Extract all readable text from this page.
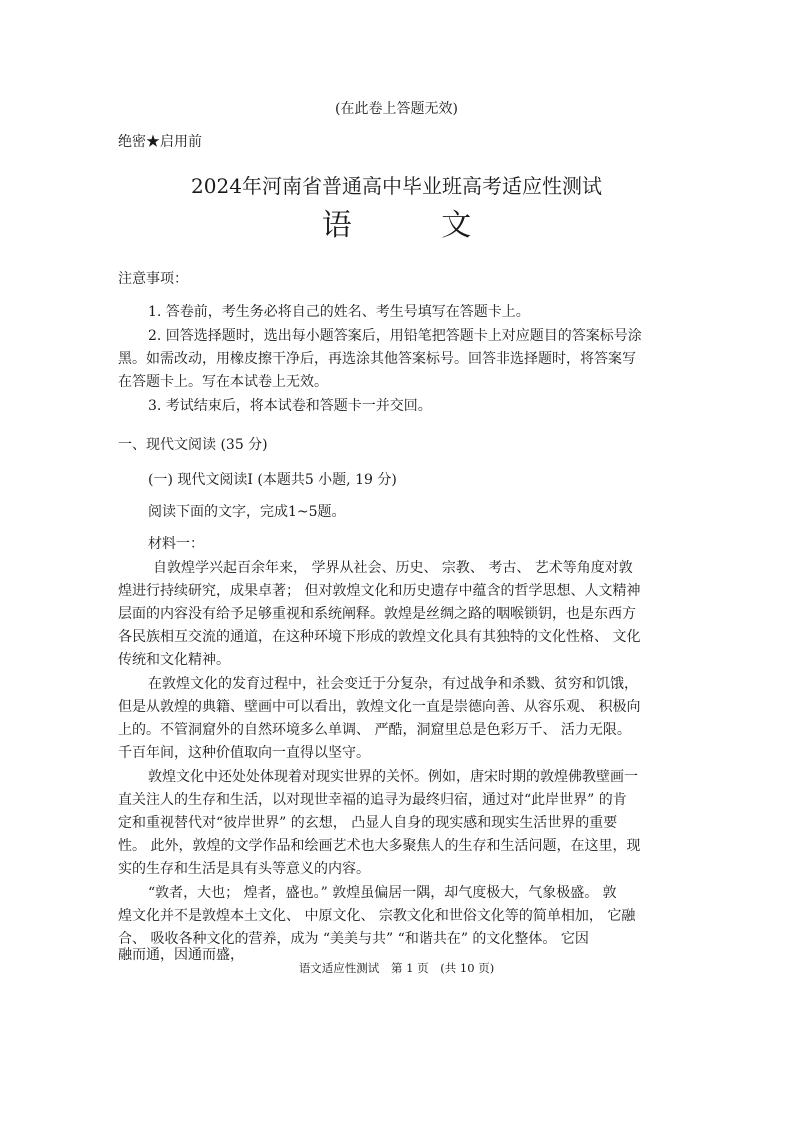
(在此卷上答题无效)
绝密★启用前
2024年河南省普通高中毕业班高考适应性测试
语 文
注意事项：
1. 答卷前，考生务必将自己的姓名、考生号填写在答题卡上。
2. 回答选择题时，选出每小题答案后，用铅笔把答题卡上对应题目的答案标号涂
黑。如需改动，用橡皮擦干净后，再选涂其他答案标号。回答非选择题时，将答案写
在答题卡上。写在本试卷上无效。
3. 考试结束后，将本试卷和答题卡一并交回。
一、现代文阅读 (35 分)
(一) 现代文阅读Ⅰ (本题共5 小题, 19 分)
阅读下面的文字，完成1~5题。
材料一：
自敦煌学兴起百余年来， 学界从社会、历史、 宗教、 考古、 艺术等角度对敦
煌进行持续研究，成果卓著； 但对敦煌文化和历史遗存中蕴含的哲学思想、人文精神
层面的内容没有给予足够重视和系统阐释。敦煌是丝绸之路的咽喉锁钥，也是东西方
各民族相互交流的通道，在这种环境下形成的敦煌文化具有其独特的文化性格、 文化
传统和文化精神。
在敦煌文化的发育过程中，社会变迁于分复杂，有过战争和杀戮、贫穷和饥饿，
但是从敦煌的典籍、壁画中可以看出，敦煌文化一直是崇德向善、从容乐观、 积极向
上的。不管洞窟外的自然环境多么单调、 严酷，洞窟里总是色彩万千、 活力无限。
千百年间，这种价值取向一直得以坚守。
敦煌文化中还处处体现着对现实世界的关怀。例如，唐宋时期的敦煌佛教壁画一
直关注人的生存和生活，以对现世幸福的追寻为最终归宿，通过对“此岸世界” 的肯
定和重视替代对“彼岸世界” 的玄想， 凸显人自身的现实感和现实生活世界的重要
性。 此外，敦煌的文学作品和绘画艺术也大多聚焦人的生存和生活问题，在这里，现
实的生存和生活是具有头等意义的内容。
“敦者，大也； 煌者，盛也。” 敦煌虽偏居一隅，却气度极大，气象极盛。 敦
煌文化并不是敦煌本土文化、 中原文化、 宗教文化和世俗文化等的简单相加， 它融
合、 吸收各种文化的营养，成为 “美美与共” “和谐共在” 的文化整体。 它因
融而通，因通而盛，
语文适应性测试 第 1 页 (共 10 页)
